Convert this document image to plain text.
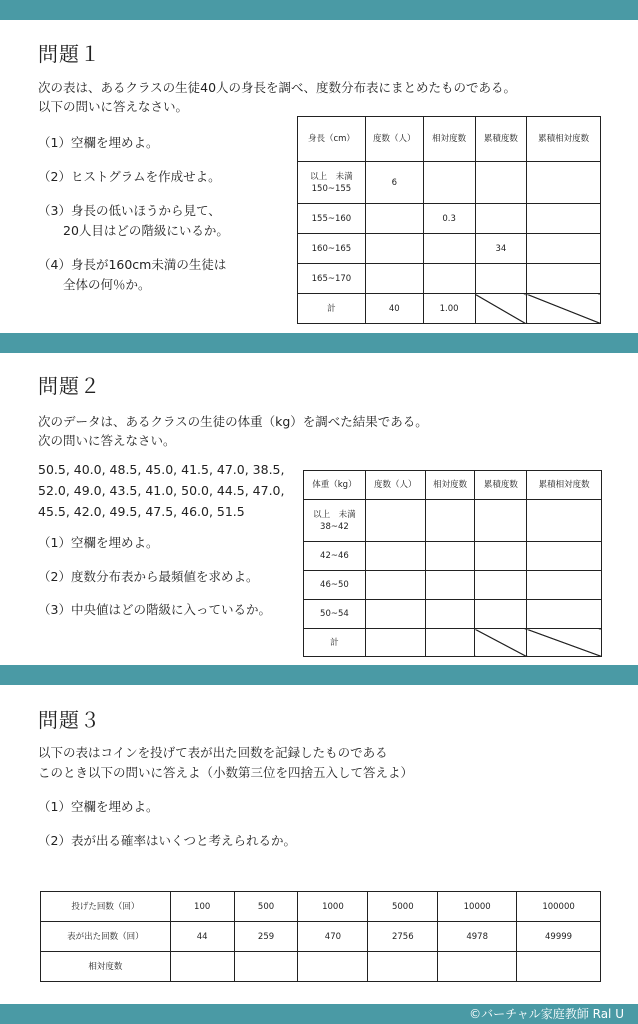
問題１
次の表は、あるクラスの生徒40人の身長を調べ、度数分布表にまとめたものである。
以下の問いに答えなさい。
（1）空欄を埋めよ。
（2）ヒストグラムを作成せよ。
（3）身長の低いほうから見て、
　　20人目はどの階級にいるか。
（4）身長が160cm未満の生徒は
　　全体の何％か。
身長（cm）	度数（人）	相対度数	累積度数	累積相対度数
以上　未満
150~155	6			
155~160		0.3		
160~165			34	
165~170				
計	40	1.00		
問題２
次のデータは、あるクラスの生徒の体重（kg）を調べた結果である。
次の問いに答えなさい。
50.5, 40.0, 48.5, 45.0, 41.5, 47.0, 38.5,
52.0, 49.0, 43.5, 41.0, 50.0, 44.5, 47.0,
45.5, 42.0, 49.5, 47.5, 46.0, 51.5
（1）空欄を埋めよ。
（2）度数分布表から最頻値を求めよ。
（3）中央値はどの階級に入っているか。
体重（kg）	度数（人）	相対度数	累積度数	累積相対度数
以上　未満
38~42				
42~46				
46~50				
50~54				
計				
問題３
以下の表はコインを投げて表が出た回数を記録したものである
このとき以下の問いに答えよ（小数第三位を四捨五入して答えよ）
（1）空欄を埋めよ。
（2）表が出る確率はいくつと考えられるか。
投げた回数（回）	100	500	1000	5000	10000	100000
表が出た回数（回）	44	259	470	2756	4978	49999
相対度数						
©バーチャル家庭教師 Ral U
